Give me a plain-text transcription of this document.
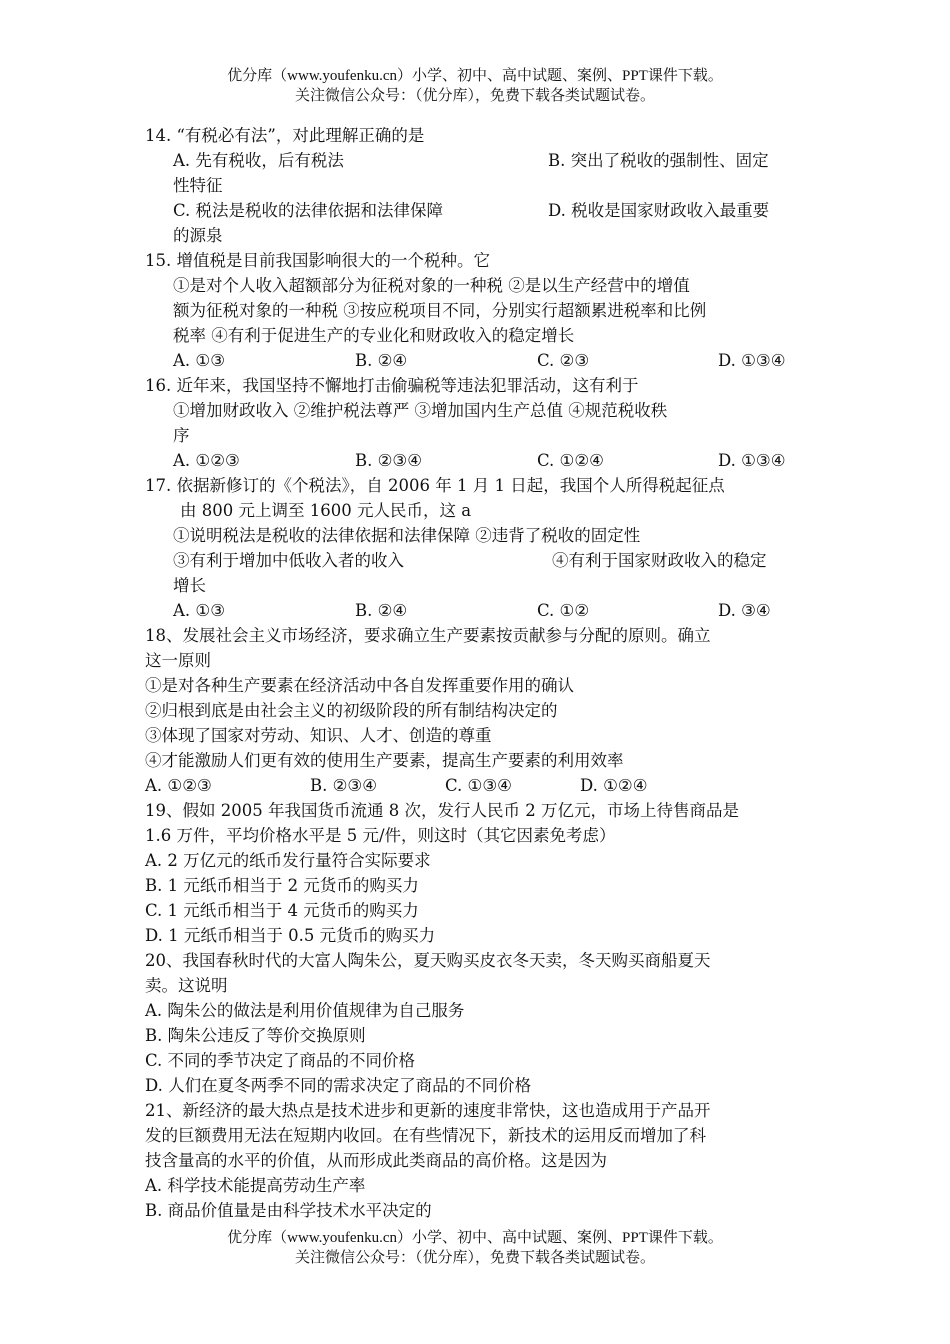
优分库（www.youfenku.cn）小学、初中、高中试题、案例、PPT课件下载。
关注微信公众号：（优分库），免费下载各类试题试卷。
14. “有税必有法”，对此理解正确的是
A. 先有税收，后有税法	B. 突出了税收的强制性、固定
性特征
C. 税法是税收的法律依据和法律保障	D. 税收是国家财政收入最重要
的源泉
15. 增值税是目前我国影响很大的一个税种。它
①是对个人收入超额部分为征税对象的一种税 ②是以生产经营中的增值
额为征税对象的一种税 ③按应税项目不同，分别实行超额累进税率和比例
税率 ④有利于促进生产的专业化和财政收入的稳定增长
A. ①③	B. ②④	C. ②③	D. ①③④
16. 近年来，我国坚持不懈地打击偷骗税等违法犯罪活动，这有利于
①增加财政收入 ②维护税法尊严 ③增加国内生产总值 ④规范税收秩
序
A. ①②③	B. ②③④	C. ①②④	D. ①③④
17. 依据新修订的《个税法》，自 2006 年 1 月 1 日起，我国个人所得税起征点
由 800 元上调至 1600 元人民币，这 a
①说明税法是税收的法律依据和法律保障 ②违背了税收的固定性
③有利于增加中低收入者的收入	④有利于国家财政收入的稳定
增长
A. ①③	B. ②④	C. ①②	D. ③④
18、发展社会主义市场经济，要求确立生产要素按贡献参与分配的原则。确立
这一原则
①是对各种生产要素在经济活动中各自发挥重要作用的确认
②归根到底是由社会主义的初级阶段的所有制结构决定的
③体现了国家对劳动、知识、人才、创造的尊重
④才能激励人们更有效的使用生产要素，提高生产要素的利用效率
A. ①②③	B. ②③④	C. ①③④	D. ①②④
19、假如 2005 年我国货币流通 8 次，发行人民币 2 万亿元，市场上待售商品是
1.6 万件，平均价格水平是 5 元/件，则这时（其它因素免考虑）
A. 2 万亿元的纸币发行量符合实际要求
B. 1 元纸币相当于 2 元货币的购买力
C. 1 元纸币相当于 4 元货币的购买力
D. 1 元纸币相当于 0.5 元货币的购买力
20、我国春秋时代的大富人陶朱公，夏天购买皮衣冬天卖，冬天购买商船夏天
卖。这说明
A. 陶朱公的做法是利用价值规律为自己服务
B. 陶朱公违反了等价交换原则
C. 不同的季节决定了商品的不同价格
D. 人们在夏冬两季不同的需求决定了商品的不同价格
21、新经济的最大热点是技术进步和更新的速度非常快，这也造成用于产品开
发的巨额费用无法在短期内收回。在有些情况下，新技术的运用反而增加了科
技含量高的水平的价值，从而形成此类商品的高价格。这是因为
A. 科学技术能提高劳动生产率
B. 商品价值量是由科学技术水平决定的
优分库（www.youfenku.cn）小学、初中、高中试题、案例、PPT课件下载。
关注微信公众号：（优分库），免费下载各类试题试卷。
